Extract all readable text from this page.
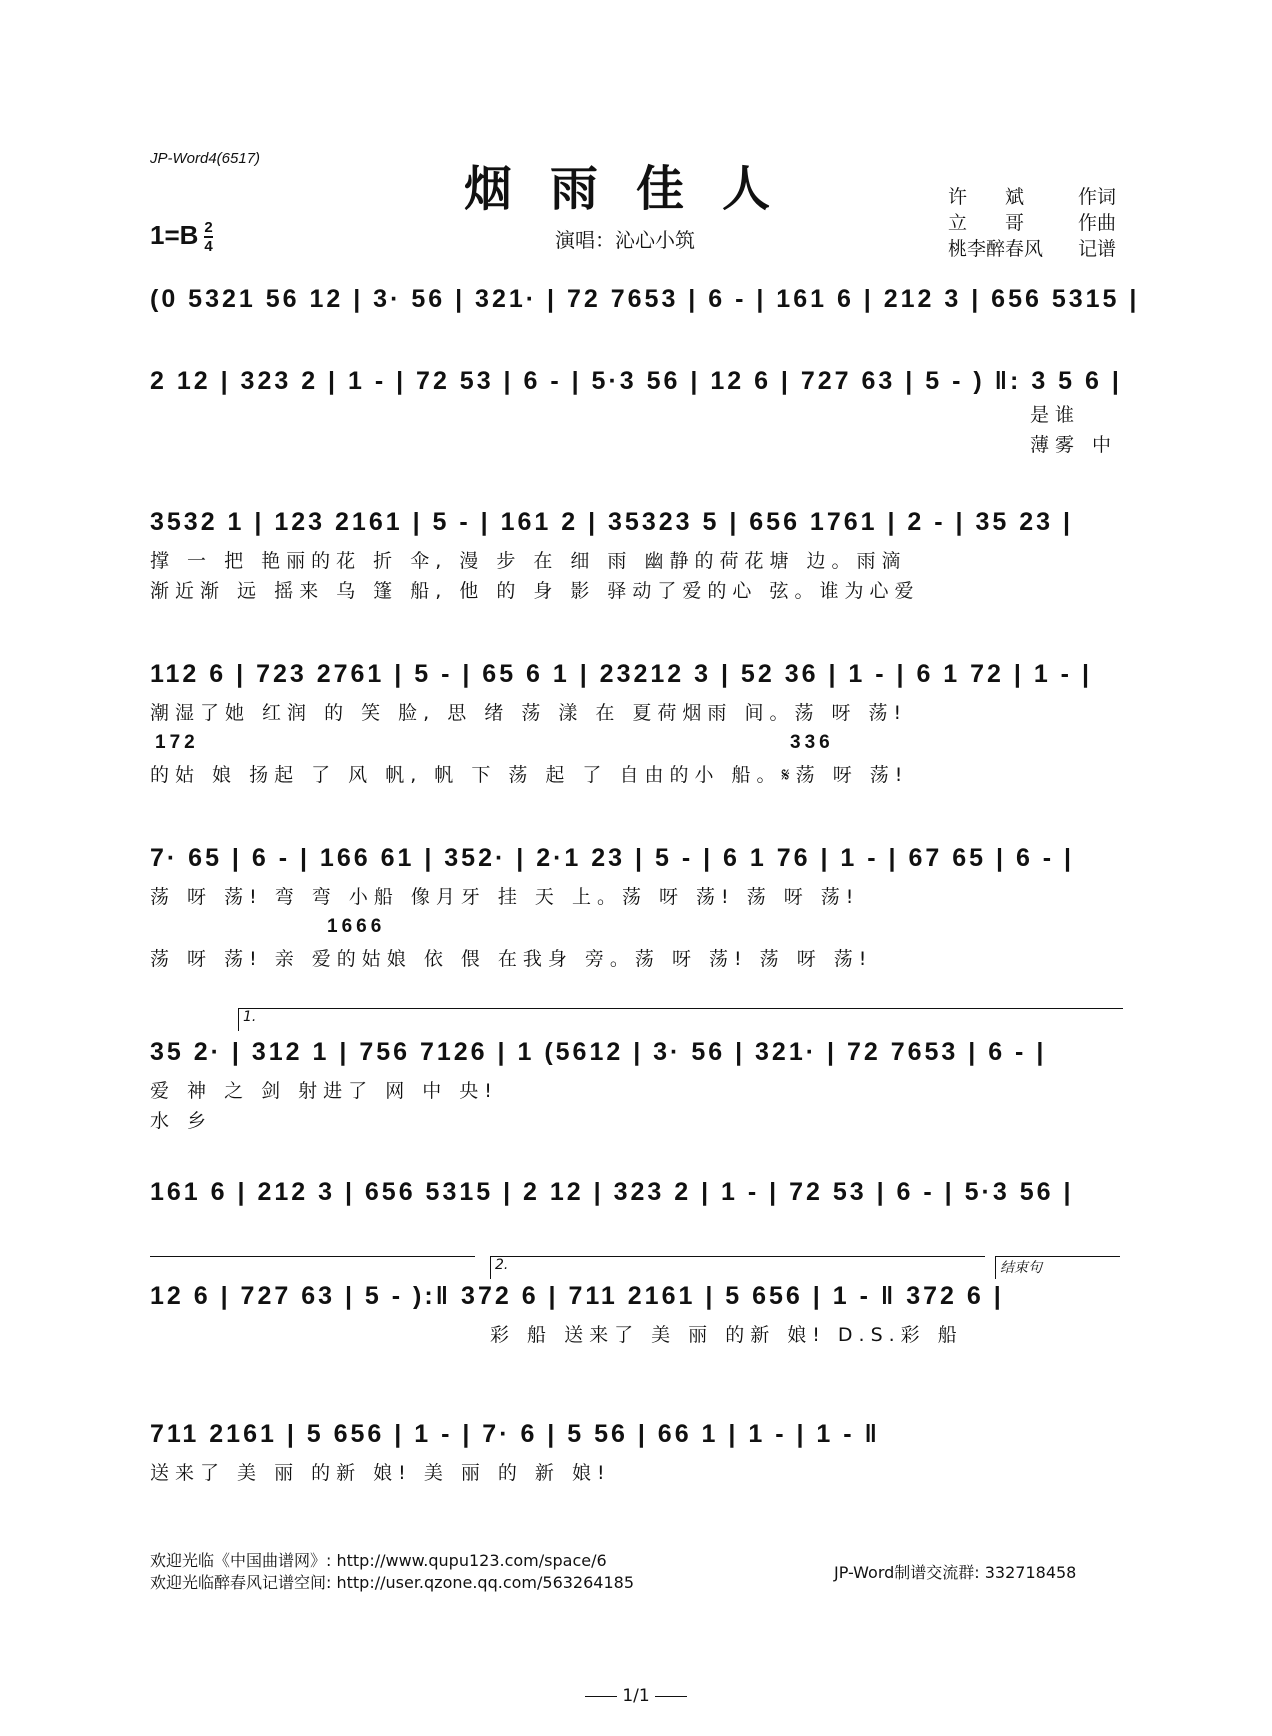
JP-Word4(6517)
烟雨佳人
$1=B \frac{2}{4}$	演唱：沁心小筑
许　　斌	作词
立　　哥	作曲
桃李醉春风 记谱
(0 5321 56 12 | 3· 56 | 321· | 72 7653 | 6 - | 161 6 | 212 3 | 656 5315 |
2 12 | 323 2 | 1 - | 72 53 | 6 - | 5·3 56 | 12 6 | 727 63 | 5 - ) ‖: 3 5 6 |
是谁
薄雾 中
3532 1 | 123 2161 | 5 - | 161 2 | 35323 5 | 656 1761 | 2 - | 35 23 |
撑 一 把 艳丽的花 折 伞, 漫 步 在 细 雨 幽静的荷花塘 边。雨滴
渐近渐 远 摇来 乌 篷 船, 他 的 身 影 驿动了爱的心 弦。谁为心爱
112 6 | 723 2761 | 5 - | 65 6 1 | 23212 3 | 52 36 | 1 - | 6 1 72 | 1 - |
潮湿了她 红润 的 笑 脸, 思 绪 荡 漾 在 夏荷烟雨 间。荡 呀 荡!
172	336
的姑 娘 扬起 了 风 帆, 帆 下 荡 起 了 自由的小 船。𝄋荡 呀 荡!
7· 65 | 6 - | 166 61 | 352· | 2·1 23 | 5 - | 6 1 76 | 1 - | 67 65 | 6 - |
荡 呀 荡! 弯 弯 小船 像月牙 挂 天 上。荡 呀 荡! 荡 呀 荡!
1666
荡 呀 荡! 亲 爱的姑娘 依 偎 在我身 旁。荡 呀 荡! 荡 呀 荡!
1.
35 2· | 312 1 | 756 7126 | 1 (5612 | 3· 56 | 321· | 72 7653 | 6 - |
爱 神 之 剑 射进了 网 中 央!
水 乡
161 6 | 212 3 | 656 5315 | 2 12 | 323 2 | 1 - | 72 53 | 6 - | 5·3 56 |
2.	结束句
12 6 | 727 63 | 5 - ):‖ 372 6 | 711 2161 | 5 656 | 1 - ‖ 372 6 |
彩 船 送来了 美 丽 的新 娘! D.S.彩 船
711 2161 | 5 656 | 1 - | 7· 6 | 5 56 | 66 1 | 1 - | 1 - ‖
送来了 美 丽 的新 娘! 美 丽 的 新 娘!
欢迎光临《中国曲谱网》: http://www.qupu123.com/space/6
欢迎光临醉春风记谱空间: http://user.qzone.qq.com/563264185
JP-Word制谱交流群: 332718458
1/1
